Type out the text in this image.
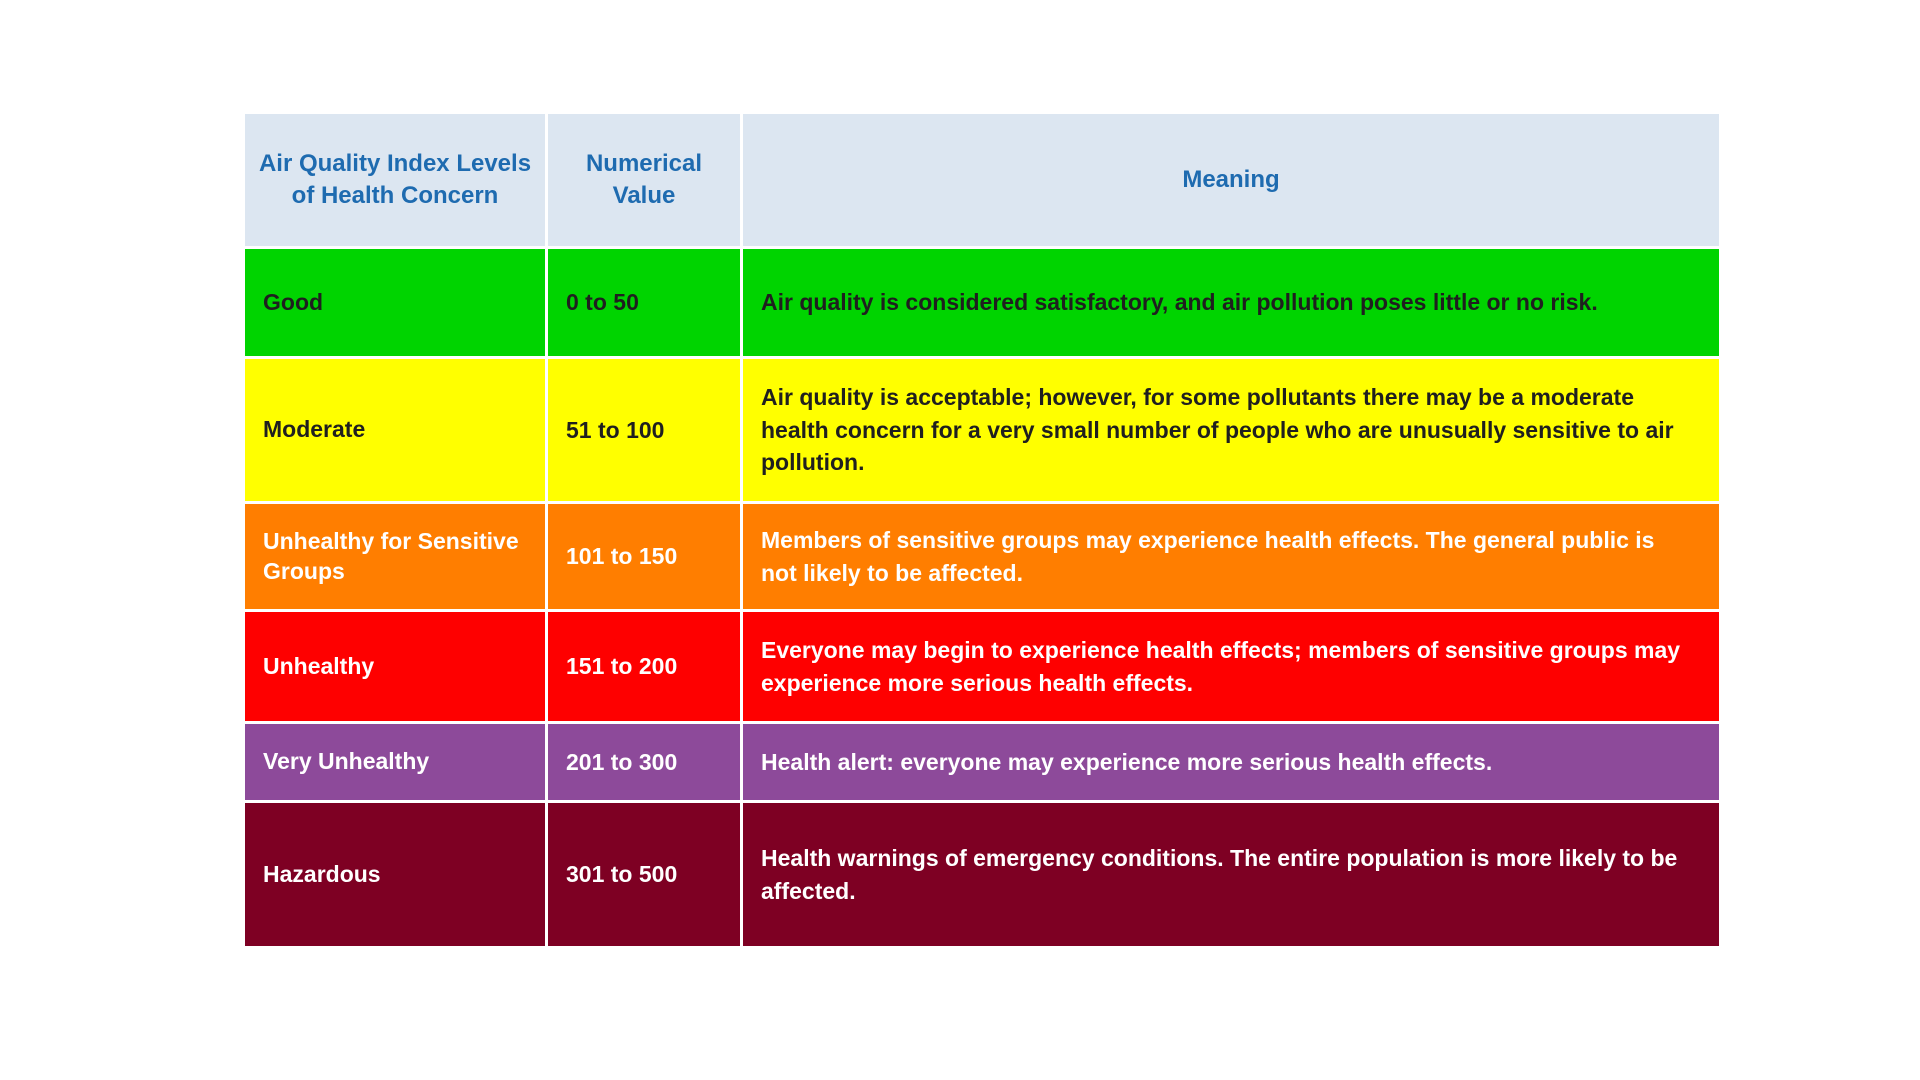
Air Quality Index Levels of Health Concern	Numerical Value	Meaning
Good	0 to 50	Air quality is considered satisfactory, and air pollution poses little or no risk.
Moderate	51 to 100	Air quality is acceptable; however, for some pollutants there may be a moderate health concern for a very small number of people who are unusually sensitive to air pollution.
Unhealthy for Sensitive Groups	101 to 150	Members of sensitive groups may experience health effects. The general public is not likely to be affected.
Unhealthy	151 to 200	Everyone may begin to experience health effects; members of sensitive groups may experience more serious health effects.
Very Unhealthy	201 to 300	Health alert: everyone may experience more serious health effects.
Hazardous	301 to 500	Health warnings of emergency conditions. The entire population is more likely to be affected.
